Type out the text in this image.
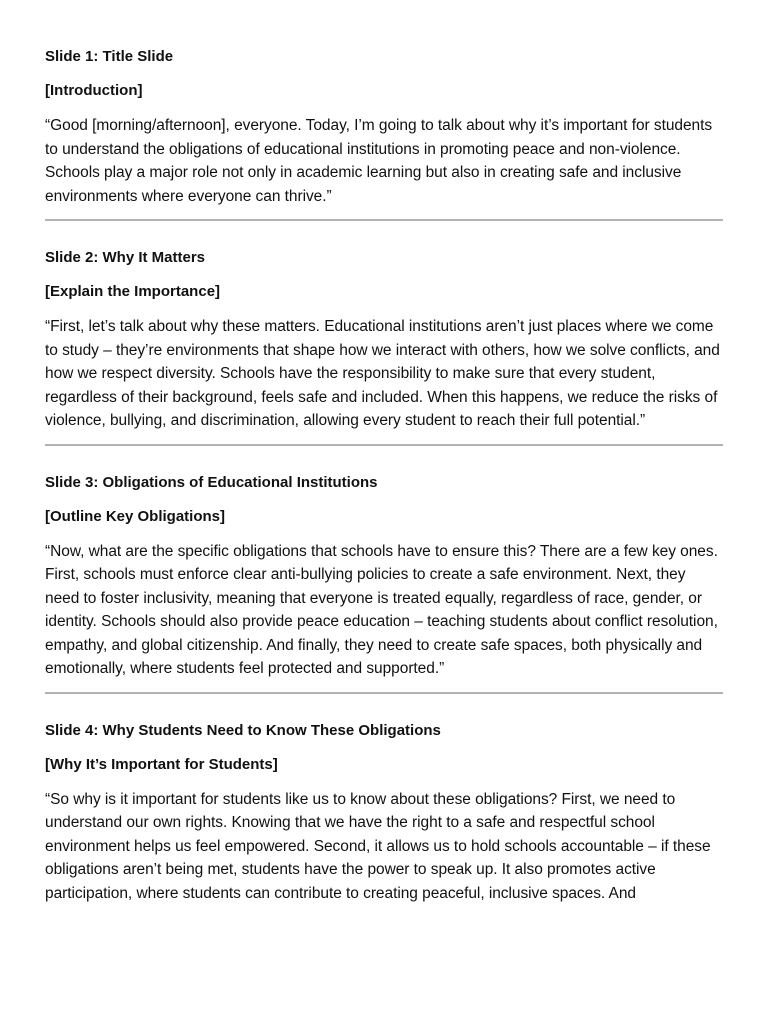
Slide 1: Title Slide
[Introduction]

“Good [morning/afternoon], everyone. Today, I’m going to talk about why it’s important for students to understand the obligations of educational institutions in promoting peace and non-violence. Schools play a major role not only in academic learning but also in creating safe and inclusive environments where everyone can thrive.”

Slide 2: Why It Matters
[Explain the Importance]

“First, let’s talk about why these matters. Educational institutions aren’t just places where we come to study – they’re environments that shape how we interact with others, how we solve conflicts, and how we respect diversity. Schools have the responsibility to make sure that every student, regardless of their background, feels safe and included. When this happens, we reduce the risks of violence, bullying, and discrimination, allowing every student to reach their full potential.”

Slide 3: Obligations of Educational Institutions
[Outline Key Obligations]

“Now, what are the specific obligations that schools have to ensure this? There are a few key ones. First, schools must enforce clear anti-bullying policies to create a safe environment. Next, they need to foster inclusivity, meaning that everyone is treated equally, regardless of race, gender, or identity. Schools should also provide peace education – teaching students about conflict resolution, empathy, and global citizenship. And finally, they need to create safe spaces, both physically and emotionally, where students feel protected and supported.”

Slide 4: Why Students Need to Know These Obligations
[Why It’s Important for Students]

“So why is it important for students like us to know about these obligations? First, we need to understand our own rights. Knowing that we have the right to a safe and respectful school environment helps us feel empowered. Second, it allows us to hold schools accountable – if these obligations aren’t being met, students have the power to speak up. It also promotes active participation, where students can contribute to creating peaceful, inclusive spaces. And
